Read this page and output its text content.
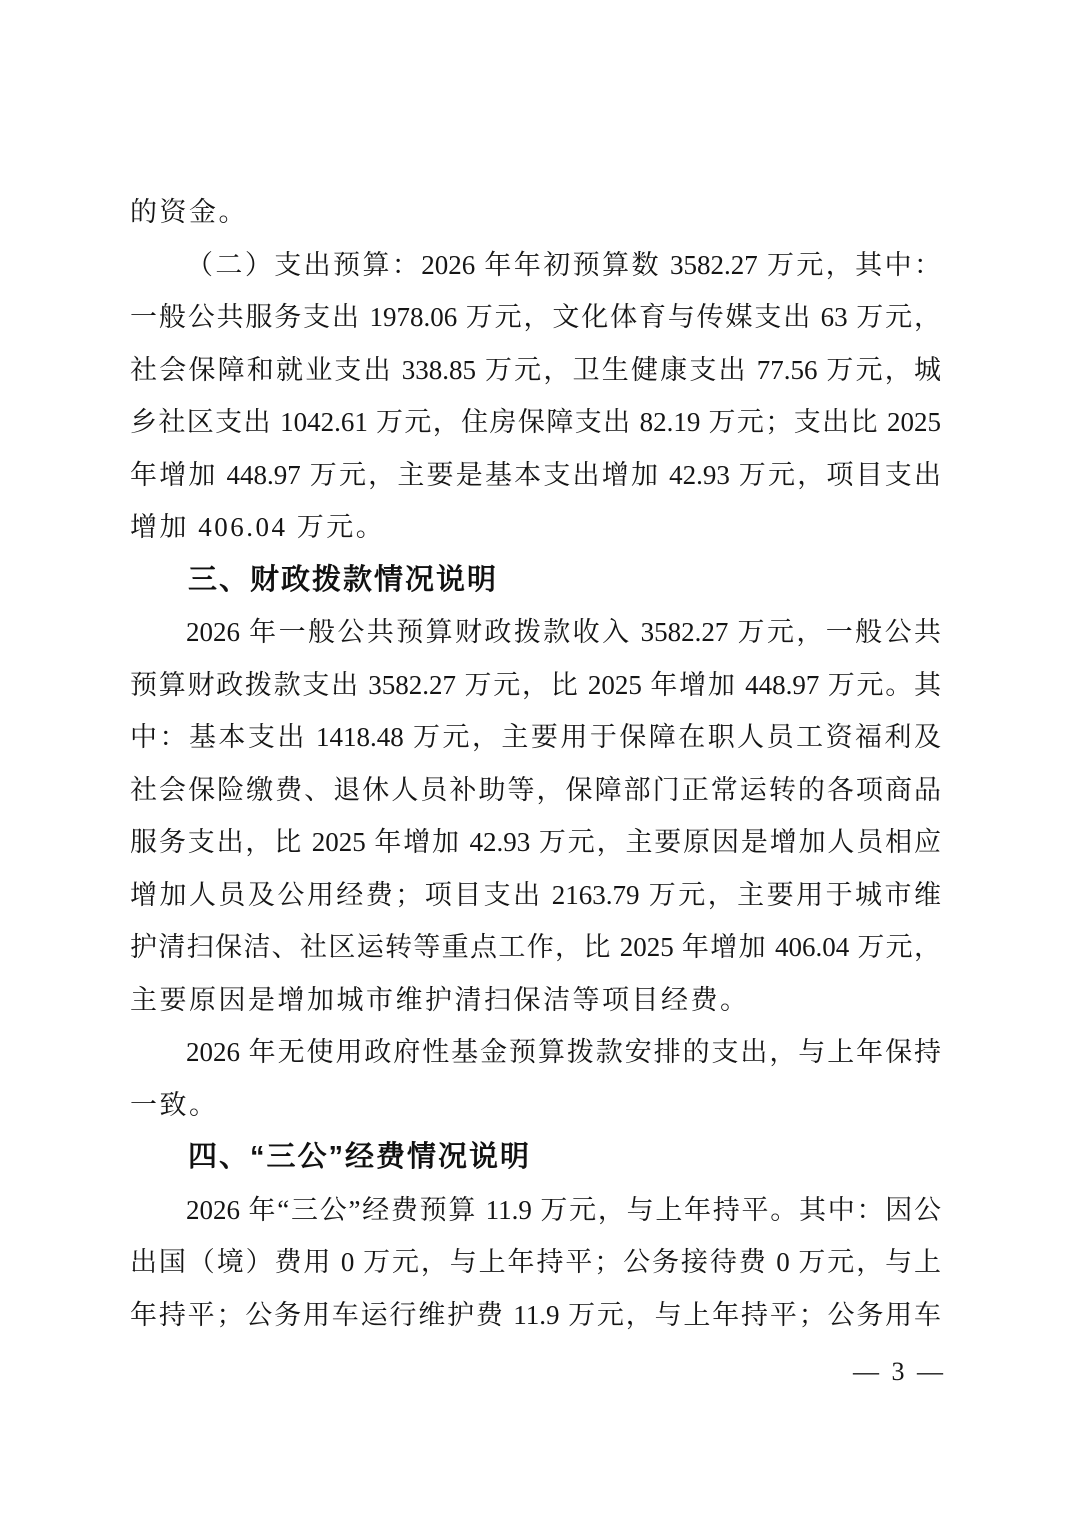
的资金。
（二）支出预算：2026 年年初预算数 3582.27 万元，其中：
一般公共服务支出 1978.06 万元，文化体育与传媒支出 63 万元，
社会保障和就业支出 338.85 万元，卫生健康支出 77.56 万元，城
乡社区支出 1042.61 万元，住房保障支出 82.19 万元；支出比 2025
年增加 448.97 万元，主要是基本支出增加 42.93 万元，项目支出
增加 406.04 万元。
三、财政拨款情况说明
2026 年一般公共预算财政拨款收入 3582.27 万元，一般公共
预算财政拨款支出 3582.27 万元，比 2025 年增加 448.97 万元。其
中：基本支出 1418.48 万元，主要用于保障在职人员工资福利及
社会保险缴费、退休人员补助等，保障部门正常运转的各项商品
服务支出，比 2025 年增加 42.93 万元，主要原因是增加人员相应
增加人员及公用经费；项目支出 2163.79 万元，主要用于城市维
护清扫保洁、社区运转等重点工作，比 2025 年增加 406.04 万元，
主要原因是增加城市维护清扫保洁等项目经费。
2026 年无使用政府性基金预算拨款安排的支出，与上年保持
一致。
四、“三公”经费情况说明
2026 年“三公”经费预算 11.9 万元，与上年持平。其中：因公
出国（境）费用 0 万元，与上年持平；公务接待费 0 万元，与上
年持平；公务用车运行维护费 11.9 万元，与上年持平；公务用车
— 3 —
